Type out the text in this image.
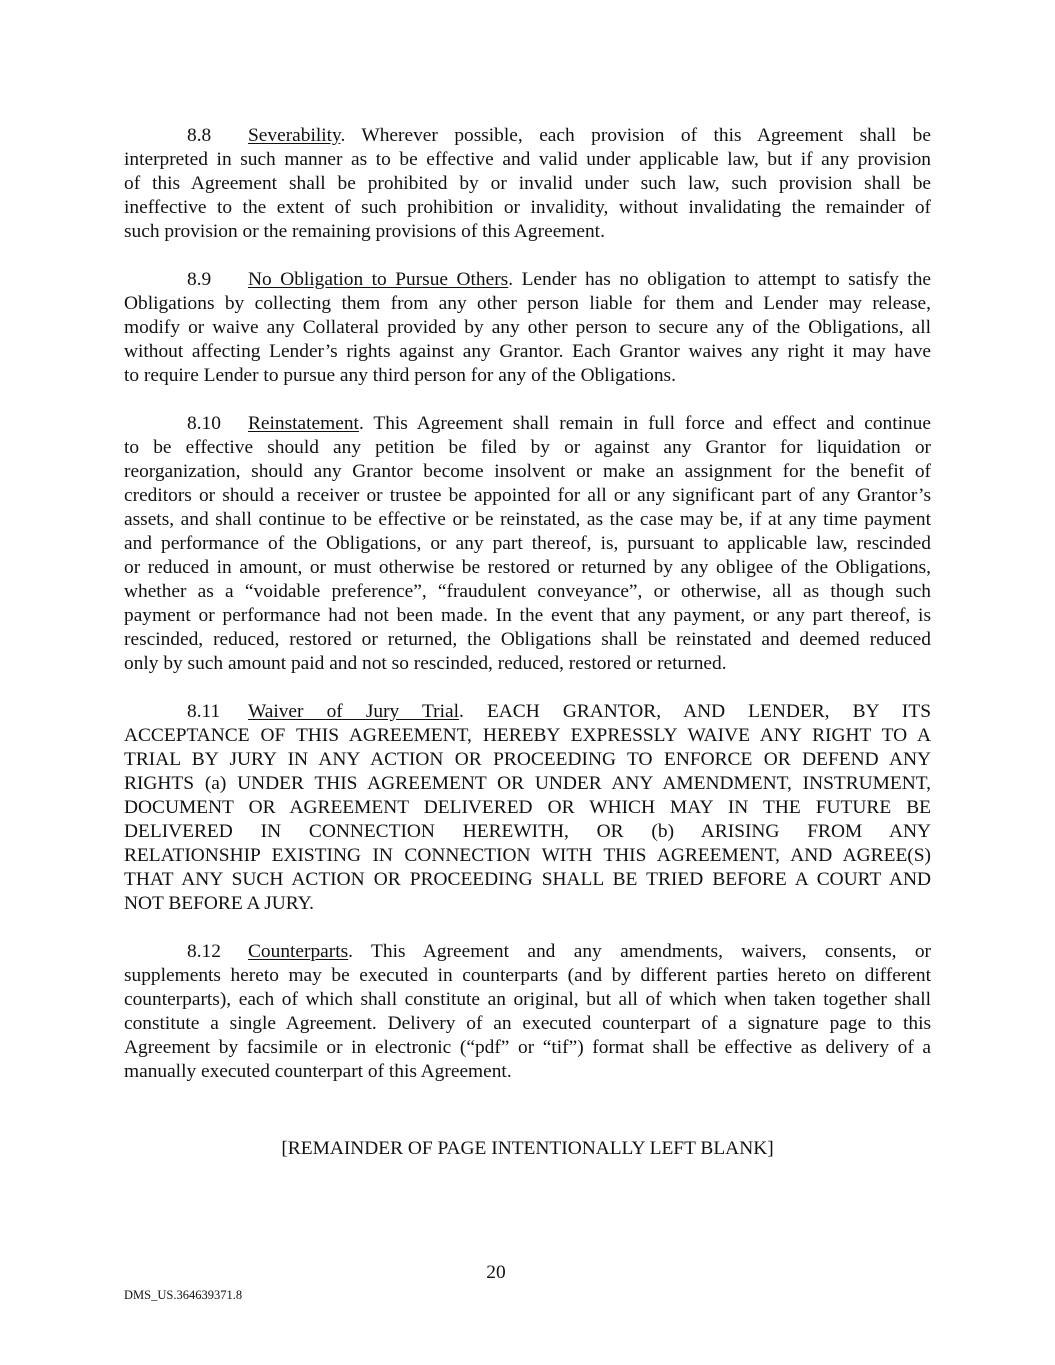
8.8 Severability. Wherever possible, each provision of this Agreement shall be
interpreted in such manner as to be effective and valid under applicable law, but if any provision
of this Agreement shall be prohibited by or invalid under such law, such provision shall be
ineffective to the extent of such prohibition or invalidity, without invalidating the remainder of
such provision or the remaining provisions of this Agreement.
8.9 No Obligation to Pursue Others. Lender has no obligation to attempt to satisfy the
Obligations by collecting them from any other person liable for them and Lender may release,
modify or waive any Collateral provided by any other person to secure any of the Obligations, all
without affecting Lender’s rights against any Grantor. Each Grantor waives any right it may have
to require Lender to pursue any third person for any of the Obligations.
8.10 Reinstatement. This Agreement shall remain in full force and effect and continue
to be effective should any petition be filed by or against any Grantor for liquidation or
reorganization, should any Grantor become insolvent or make an assignment for the benefit of
creditors or should a receiver or trustee be appointed for all or any significant part of any Grantor’s
assets, and shall continue to be effective or be reinstated, as the case may be, if at any time payment
and performance of the Obligations, or any part thereof, is, pursuant to applicable law, rescinded
or reduced in amount, or must otherwise be restored or returned by any obligee of the Obligations,
whether as a “voidable preference”, “fraudulent conveyance”, or otherwise, all as though such
payment or performance had not been made. In the event that any payment, or any part thereof, is
rescinded, reduced, restored or returned, the Obligations shall be reinstated and deemed reduced
only by such amount paid and not so rescinded, reduced, restored or returned.
8.11 Waiver of Jury Trial. EACH GRANTOR, AND LENDER, BY ITS
ACCEPTANCE OF THIS AGREEMENT, HEREBY EXPRESSLY WAIVE ANY RIGHT TO A
TRIAL BY JURY IN ANY ACTION OR PROCEEDING TO ENFORCE OR DEFEND ANY
RIGHTS (a) UNDER THIS AGREEMENT OR UNDER ANY AMENDMENT, INSTRUMENT,
DOCUMENT OR AGREEMENT DELIVERED OR WHICH MAY IN THE FUTURE BE
DELIVERED IN CONNECTION HEREWITH, OR (b) ARISING FROM ANY
RELATIONSHIP EXISTING IN CONNECTION WITH THIS AGREEMENT, AND AGREE(S)
THAT ANY SUCH ACTION OR PROCEEDING SHALL BE TRIED BEFORE A COURT AND
NOT BEFORE A JURY.
8.12 Counterparts. This Agreement and any amendments, waivers, consents, or
supplements hereto may be executed in counterparts (and by different parties hereto on different
counterparts), each of which shall constitute an original, but all of which when taken together shall
constitute a single Agreement. Delivery of an executed counterpart of a signature page to this
Agreement by facsimile or in electronic (“pdf” or “tif”) format shall be effective as delivery of a
manually executed counterpart of this Agreement.
[REMAINDER OF PAGE INTENTIONALLY LEFT BLANK]
20
DMS_US.364639371.8
